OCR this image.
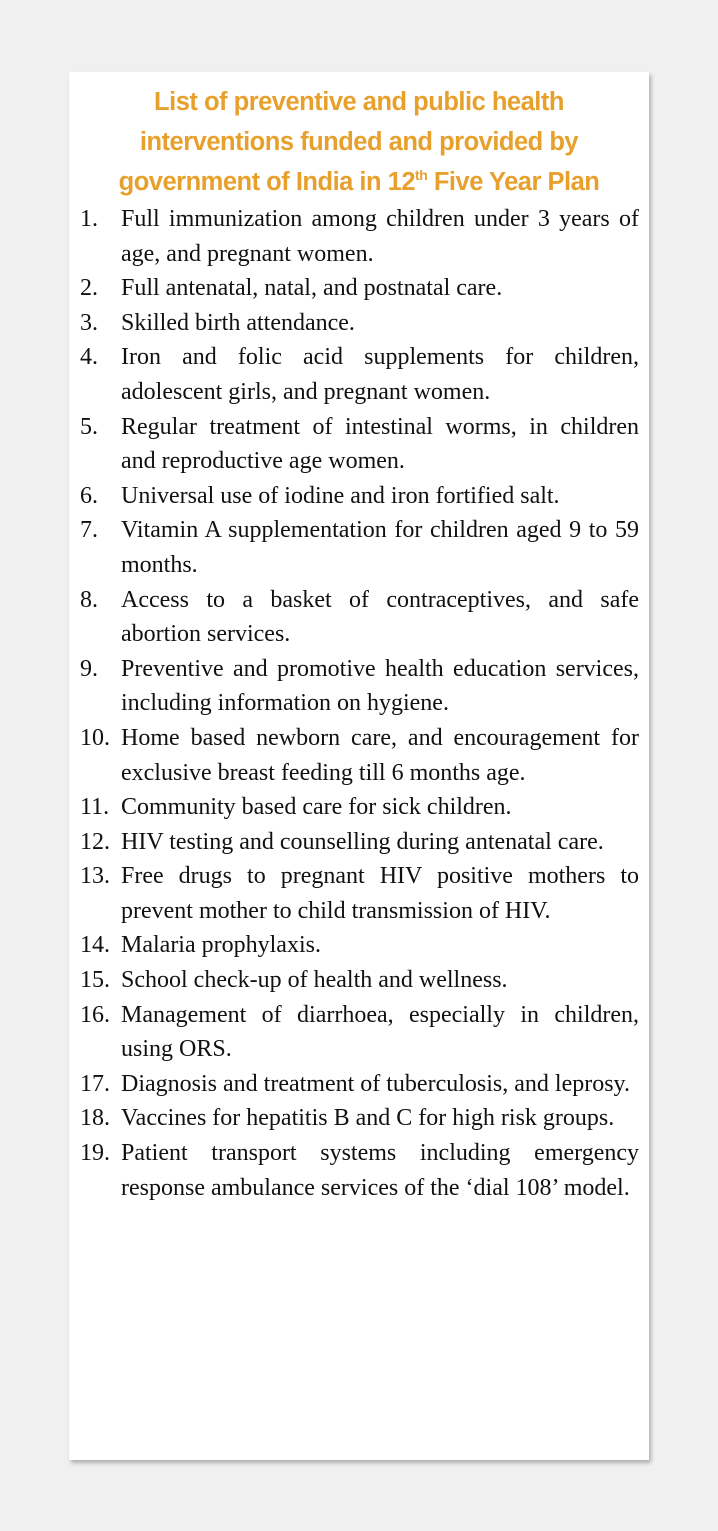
List of preventive and public health
interventions funded and provided by
government of India in 12th Five Year Plan
1. Full immunization among children under 3 years of age, and pregnant women.
2. Full antenatal, natal, and postnatal care.
3. Skilled birth attendance.
4. Iron and folic acid supplements for children, adolescent girls, and pregnant women.
5. Regular treatment of intestinal worms, in children and reproductive age women.
6. Universal use of iodine and iron fortified salt.
7. Vitamin A supplementation for children aged 9 to 59 months.
8. Access to a basket of contraceptives, and safe abortion services.
9. Preventive and promotive health education services, including information on hygiene.
10. Home based newborn care, and encouragement for exclusive breast feeding till 6 months age.
11. Community based care for sick children.
12. HIV testing and counselling during antenatal care.
13. Free drugs to pregnant HIV positive mothers to prevent mother to child transmission of HIV.
14. Malaria prophylaxis.
15. School check-up of health and wellness.
16. Management of diarrhoea, especially in children, using ORS.
17. Diagnosis and treatment of tuberculosis, and leprosy.
18. Vaccines for hepatitis B and C for high risk groups.
19. Patient transport systems including emergency response ambulance services of the ‘dial 108’ model.
